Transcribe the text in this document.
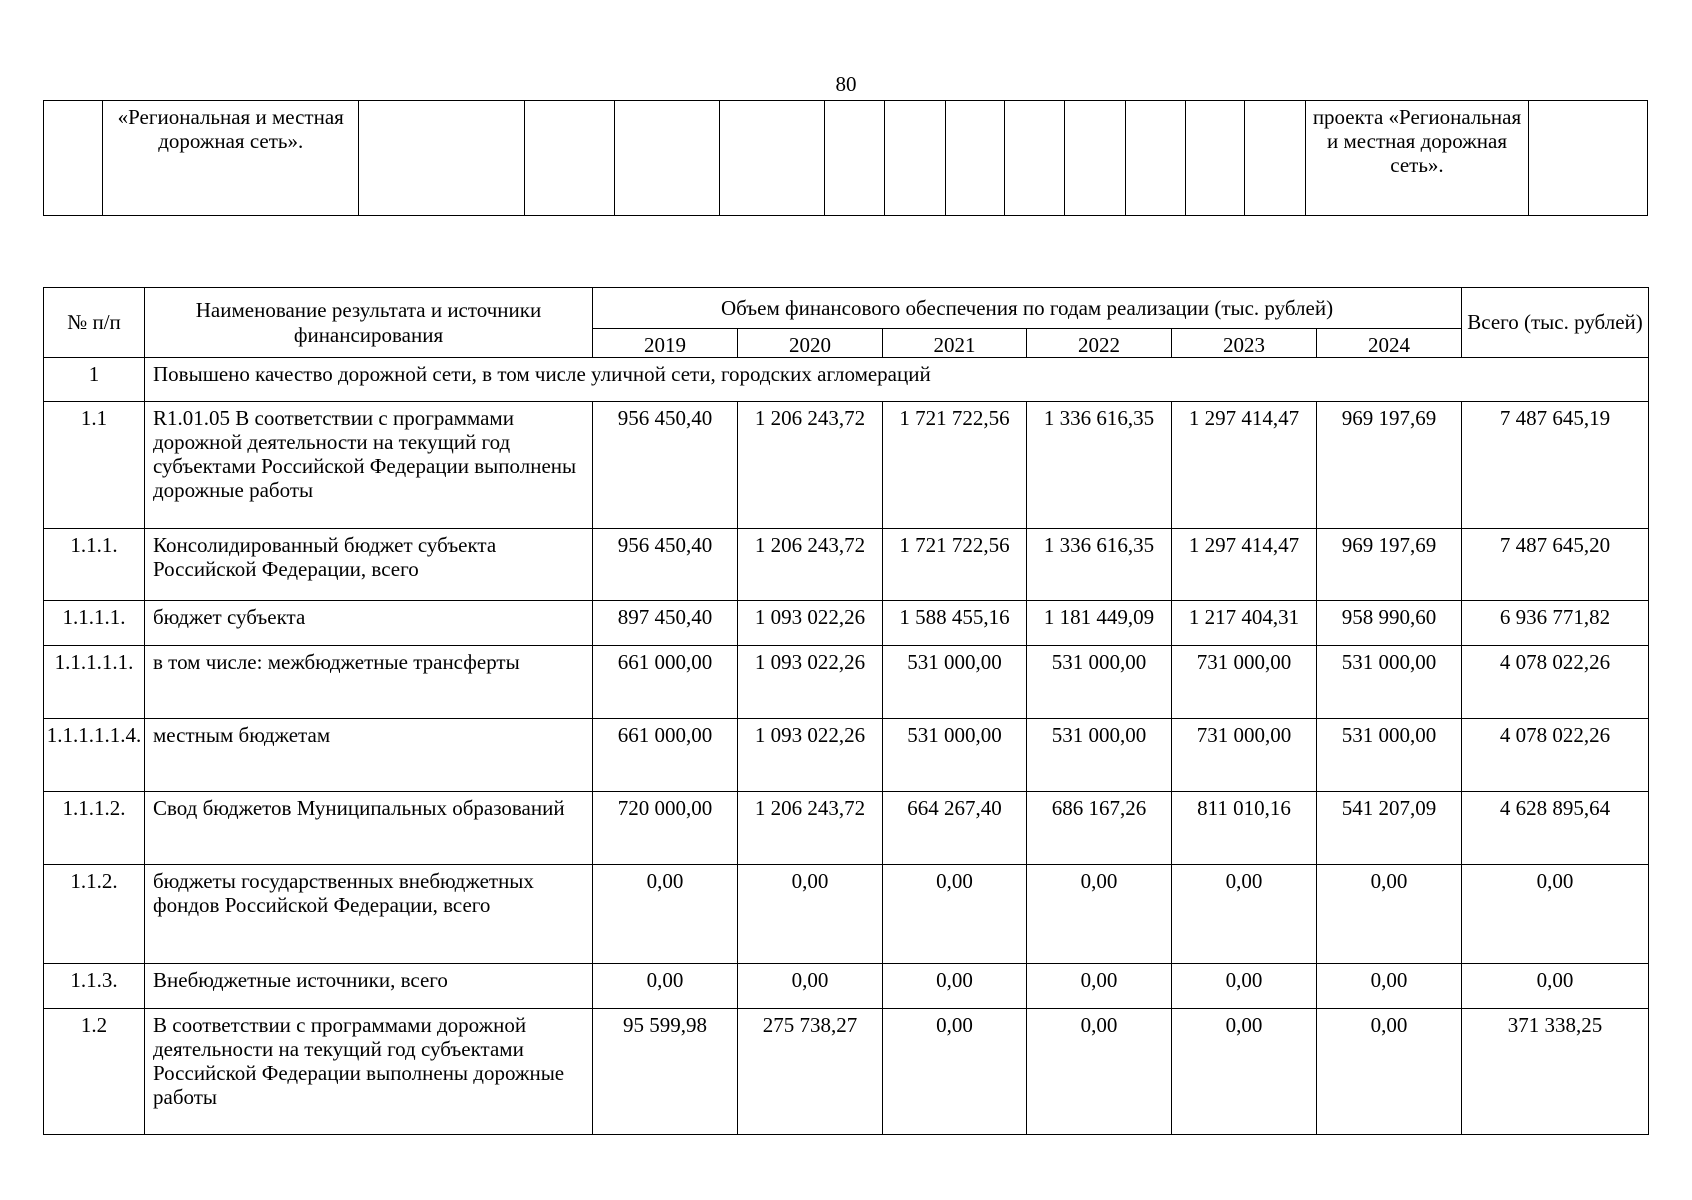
80
	«Региональная и местная дорожная сеть».													проекта «Региональная и местная дорожная сеть».	
№ п/п	Наименование результата и источники финансирования	Объем финансового обеспечения по годам реализации (тыс. рублей)						Всего (тыс. рублей)
		2019	2020	2021	2022	2023	2024	
1	Повышено качество дорожной сети, в том числе уличной сети, городских агломераций							
1.1	R1.01.05 В соответствии с программами дорожной деятельности на текущий год субъектами Российской Федерации выполнены дорожные работы	956 450,40	1 206 243,72	1 721 722,56	1 336 616,35	1 297 414,47	969 197,69	7 487 645,19
1.1.1.	Консолидированный бюджет субъекта Российской Федерации, всего	956 450,40	1 206 243,72	1 721 722,56	1 336 616,35	1 297 414,47	969 197,69	7 487 645,20
1.1.1.1.	бюджет субъекта	897 450,40	1 093 022,26	1 588 455,16	1 181 449,09	1 217 404,31	958 990,60	6 936 771,82
1.1.1.1.1.	в том числе: межбюджетные трансферты	661 000,00	1 093 022,26	531 000,00	531 000,00	731 000,00	531 000,00	4 078 022,26
1.1.1.1.1.4.	местным бюджетам	661 000,00	1 093 022,26	531 000,00	531 000,00	731 000,00	531 000,00	4 078 022,26
1.1.1.2.	Свод бюджетов Муниципальных образований	720 000,00	1 206 243,72	664 267,40	686 167,26	811 010,16	541 207,09	4 628 895,64
1.1.2.	бюджеты государственных внебюджетных фондов Российской Федерации, всего	0,00	0,00	0,00	0,00	0,00	0,00	0,00
1.1.3.	Внебюджетные источники, всего	0,00	0,00	0,00	0,00	0,00	0,00	0,00
1.2	В соответствии с программами дорожной деятельности на текущий год субъектами Российской Федерации выполнены дорожные работы	95 599,98	275 738,27	0,00	0,00	0,00	0,00	371 338,25
